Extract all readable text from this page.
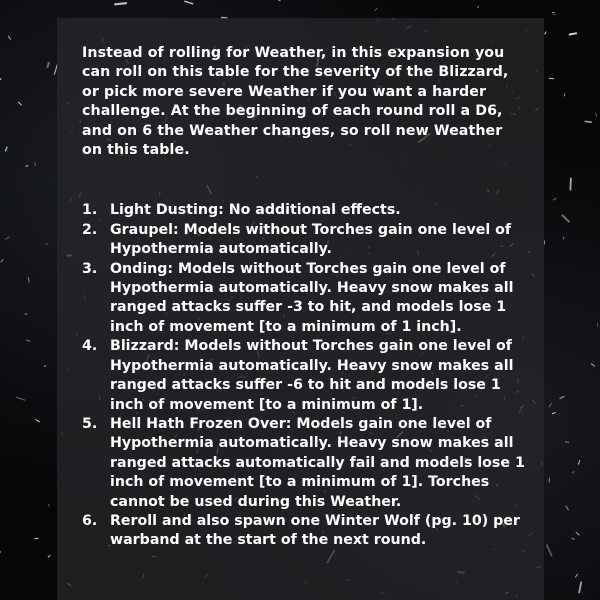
Instead of rolling for Weather, in this expansion you can roll on this table for the severity of the Blizzard, or pick more severe Weather if you want a harder challenge. At the beginning of each round roll a D6, and on 6 the Weather changes, so roll new Weather on this table.

1. Light Dusting: No additional effects.
2. Graupel: Models without Torches gain one level of Hypothermia automatically.
3. Onding: Models without Torches gain one level of Hypothermia automatically. Heavy snow makes all ranged attacks suffer -3 to hit, and models lose 1 inch of movement [to a minimum of 1 inch].
4. Blizzard: Models without Torches gain one level of Hypothermia automatically. Heavy snow makes all ranged attacks suffer -6 to hit and models lose 1 inch of movement [to a minimum of 1].
5. Hell Hath Frozen Over: Models gain one level of Hypothermia automatically. Heavy snow makes all ranged attacks automatically fail and models lose 1 inch of movement [to a minimum of 1]. Torches cannot be used during this Weather.
6. Reroll and also spawn one Winter Wolf (pg. 10) per warband at the start of the next round.
